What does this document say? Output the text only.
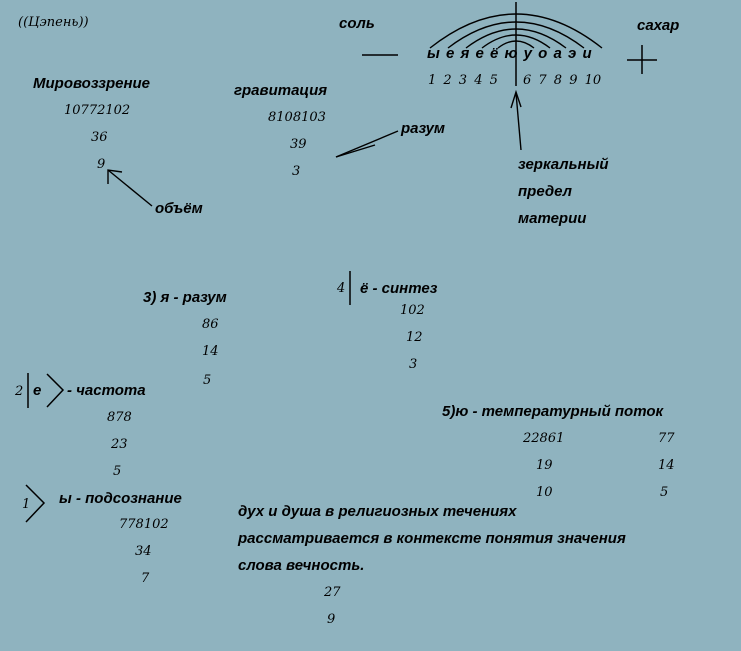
((Цэпень))	соль	сахар
ы е я е ё ю у о а э и
1 2 3 4 5 6 7 8 9 10
зеркальный
предел
материи
Мировоззрение
10772102
36
9
объём
гравитация
8108103
39
3
разум
3) я - разум
86
14
5
4 ё - синтез
102
12
3
2 е - частота
878
23
5
5)ю - температурный поток
22861
19
10
77
14
5
1 ы - подсознание
778102
34
7
дух и душа в религиозных течениях
рассматривается в контексте понятия значения
слова вечность.
27
9
